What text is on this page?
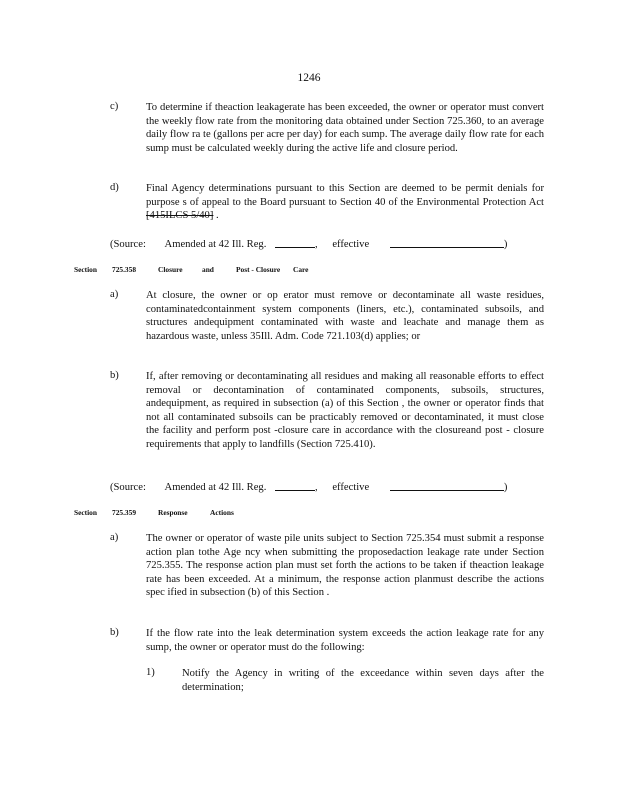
1246
c)	To determine if theaction leakagerate has been exceeded, the owner or operator must convert the weekly flow rate from the monitoring data obtained under Section 725.360, to an average daily flow ra te (gallons per acre per day) for each sump. The average daily flow rate for each sump must be calculated weekly during the active life and closure period.
d)	Final Agency determinations pursuant to this Section are deemed to be permit denials for purpose s of appeal to the Board pursuant to Section 40 of the Environmental Protection Act [415ILCS 5/40] .
(Source: Amended at 42 Ill. Reg.	, effective	)
Section 725.358	Closure	and	Post - Closure Care
a)	At closure, the owner or op erator must remove or decontaminate all waste residues, contaminatedcontainment system components (liners, etc.), contaminated subsoils, and structures andequipment contaminated with waste and leachate and manage them as hazardous waste, unless 35Ill. Adm. Code 721.103(d) applies; or
b)	If, after removing or decontaminating all residues and making all reasonable efforts to effect removal or decontamination of contaminated components, subsoils, structures, andequipment, as required in subsection (a) of this Section , the owner or operator finds that not all contaminated subsoils can be practicably removed or decontaminated, it must close the facility and perform post -closure care in accordance with the closureand post - closure requirements that apply to landfills (Section 725.410).
(Source: Amended at 42 Ill. Reg.	, effective	)
Section 725.359	Response	Actions
a)	The owner or operator of waste pile units subject to Section 725.354 must submit a response action plan tothe Age ncy when submitting the proposedaction leakage rate under Section 725.355. The response action plan must set forth the actions to be taken if theaction leakage rate has been exceeded. At a minimum, the response action planmust describe the actions spec ified in subsection (b) of this Section .
b)	If the flow rate into the leak determination system exceeds the action leakage rate for any sump, the owner or operator must do the following:
1)	Notify the Agency in writing of the exceedance within seven days after the determination;
